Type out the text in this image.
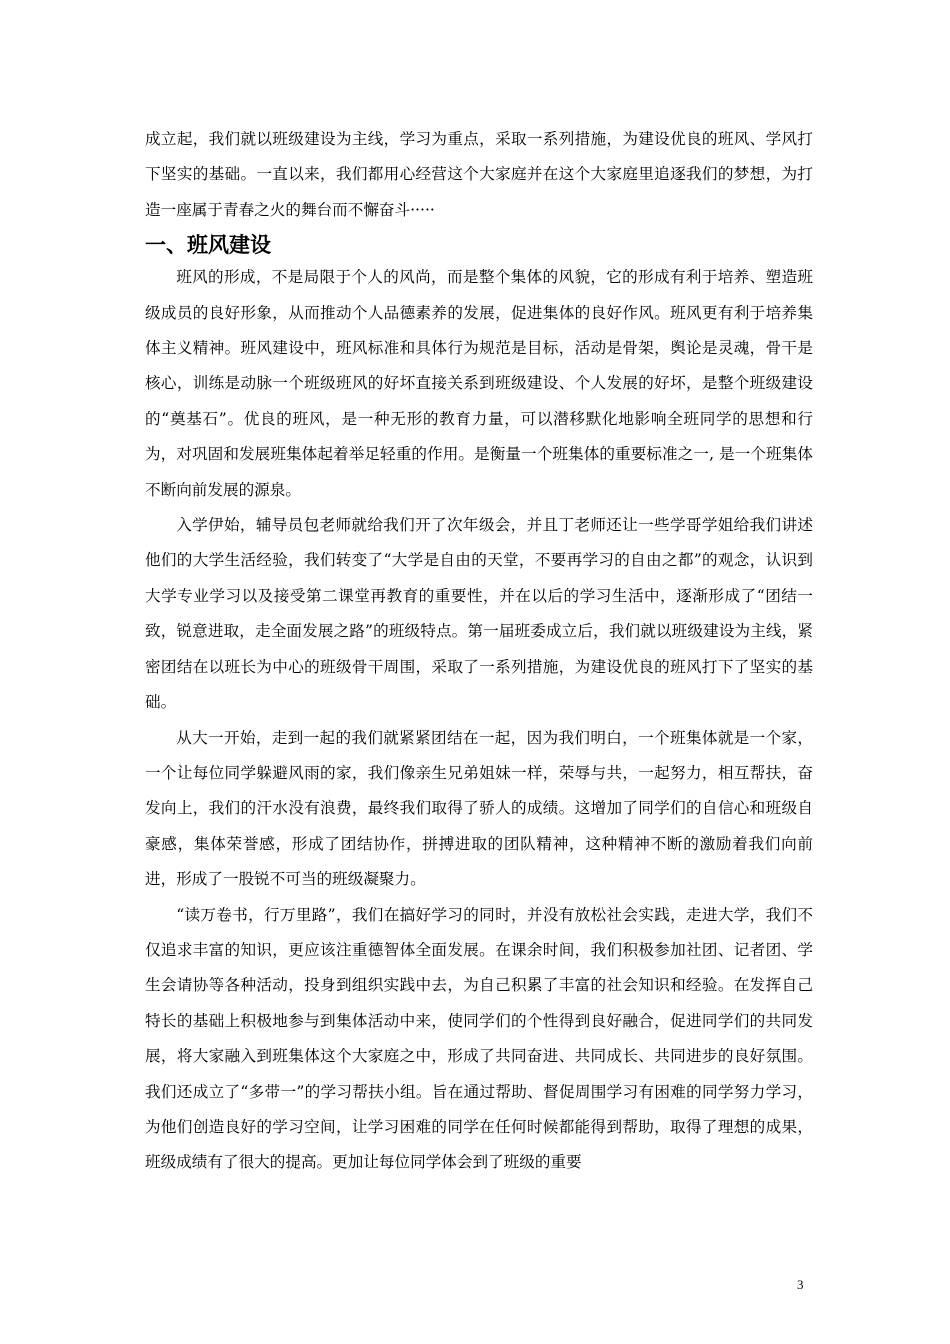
成立起，我们就以班级建设为主线，学习为重点，采取一系列措施，为建设优良的班风、学风打下坚实的基础。一直以来，我们都用心经营这个大家庭并在这个大家庭里追逐我们的梦想，为打造一座属于青春之火的舞台而不懈奋斗·····

一、班风建设

班风的形成，不是局限于个人的风尚，而是整个集体的风貌，它的形成有利于培养、塑造班级成员的良好形象，从而推动个人品德素养的发展，促进集体的良好作风。班风更有利于培养集体主义精神。班风建设中，班风标准和具体行为规范是目标，活动是骨架，舆论是灵魂，骨干是核心，训练是动脉一个班级班风的好坏直接关系到班级建设、个人发展的好坏，是整个班级建设的“奠基石”。优良的班风，是一种无形的教育力量，可以潜移默化地影响全班同学的思想和行为，对巩固和发展班集体起着举足轻重的作用。是衡量一个班集体的重要标准之一, 是一个班集体不断向前发展的源泉。

入学伊始，辅导员包老师就给我们开了次年级会，并且丁老师还让一些学哥学姐给我们讲述他们的大学生活经验，我们转变了“大学是自由的天堂，不要再学习的自由之都”的观念，认识到大学专业学习以及接受第二课堂再教育的重要性，并在以后的学习生活中，逐渐形成了“团结一致，锐意进取，走全面发展之路”的班级特点。第一届班委成立后，我们就以班级建设为主线，紧密团结在以班长为中心的班级骨干周围，采取了一系列措施，为建设优良的班风打下了坚实的基础。

从大一开始，走到一起的我们就紧紧团结在一起，因为我们明白，一个班集体就是一个家，一个让每位同学躲避风雨的家，我们像亲生兄弟姐妹一样，荣辱与共，一起努力，相互帮扶，奋发向上，我们的汗水没有浪费，最终我们取得了骄人的成绩。这增加了同学们的自信心和班级自豪感，集体荣誉感，形成了团结协作，拼搏进取的团队精神，这种精神不断的激励着我们向前进，形成了一股锐不可当的班级凝聚力。

“读万卷书，行万里路”，我们在搞好学习的同时，并没有放松社会实践，走进大学，我们不仅追求丰富的知识，更应该注重德智体全面发展。在课余时间，我们积极参加社团、记者团、学生会请协等各种活动，投身到组织实践中去，为自己积累了丰富的社会知识和经验。在发挥自己特长的基础上积极地参与到集体活动中来，使同学们的个性得到良好融合，促进同学们的共同发展，将大家融入到班集体这个大家庭之中，形成了共同奋进、共同成长、共同进步的良好氛围。我们还成立了“多带一”的学习帮扶小组。旨在通过帮助、督促周围学习有困难的同学努力学习，为他们创造良好的学习空间，让学习困难的同学在任何时候都能得到帮助，取得了理想的成果，班级成绩有了很大的提高。更加让每位同学体会到了班级的重要

3
